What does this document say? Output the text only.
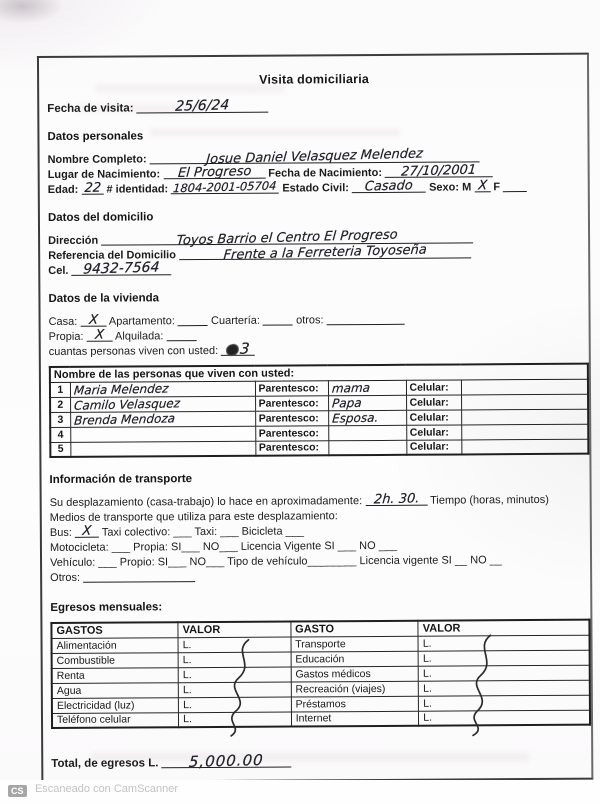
Visita domiciliaria
Fecha de visita:	25/6/24
Datos personales
Nombre Completo:	Josue Daniel Velasquez Melendez
Lugar de Nacimiento: El Progreso Fecha de Nacimiento: 27/10/2001
Edad: 22 # identidad: 1804-2001-05704 Estado Civil: Casado Sexo: M X F
Datos del domicilio
Dirección	Toyos Barrio el Centro El Progreso
Referencia del Domicilio	Frente a la Ferreteria Toyoseña
Cel. 9432-7564
Datos de la vivienda
Casa: X Apartamento:	Cuartería:	otros:
Propia: X Alquilada:
cuantas personas viven con usted:	3
Nombre de las personas que viven con usted:					
1	Maria Melendez	Parentesco:	mama	Celular:	
2	Camilo Velasquez	Parentesco:	Papa	Celular:	
3	Brenda Mendoza	Parentesco:	Esposa.	Celular:	
4		Parentesco:		Celular:	
5		Parentesco:		Celular:	
Información de transporte
Su desplazamiento (casa-trabajo) lo hace en aproximadamente: 2h. 30. Tiempo (horas, minutos)
Medios de transporte que utiliza para este desplazamiento:
Bus: X Taxi colectivo: ___ Taxi: ___ Bicicleta ___
Motocicleta: ___ Propia: SI___ NO___ Licencia Vigente SI ___ NO ___
Vehículo: ___ Propio: SI___ NO___ Tipo de vehículo________ Licencia vigente SI __ NO __
Otros:
Egresos mensuales:
GASTOS	VALOR	GASTO	VALOR
Alimentación	L.	Transporte	L.
Combustible	L.	Educación	L.
Renta	L.	Gastos médicos	L.
Agua	L.	Recreación (viajes)	L.
Electricidad (luz)	L.	Préstamos	L.
Teléfono celular	L.	Internet	L.
Total, de egresos L. 5,000.00
CS Escaneado con CamScanner
